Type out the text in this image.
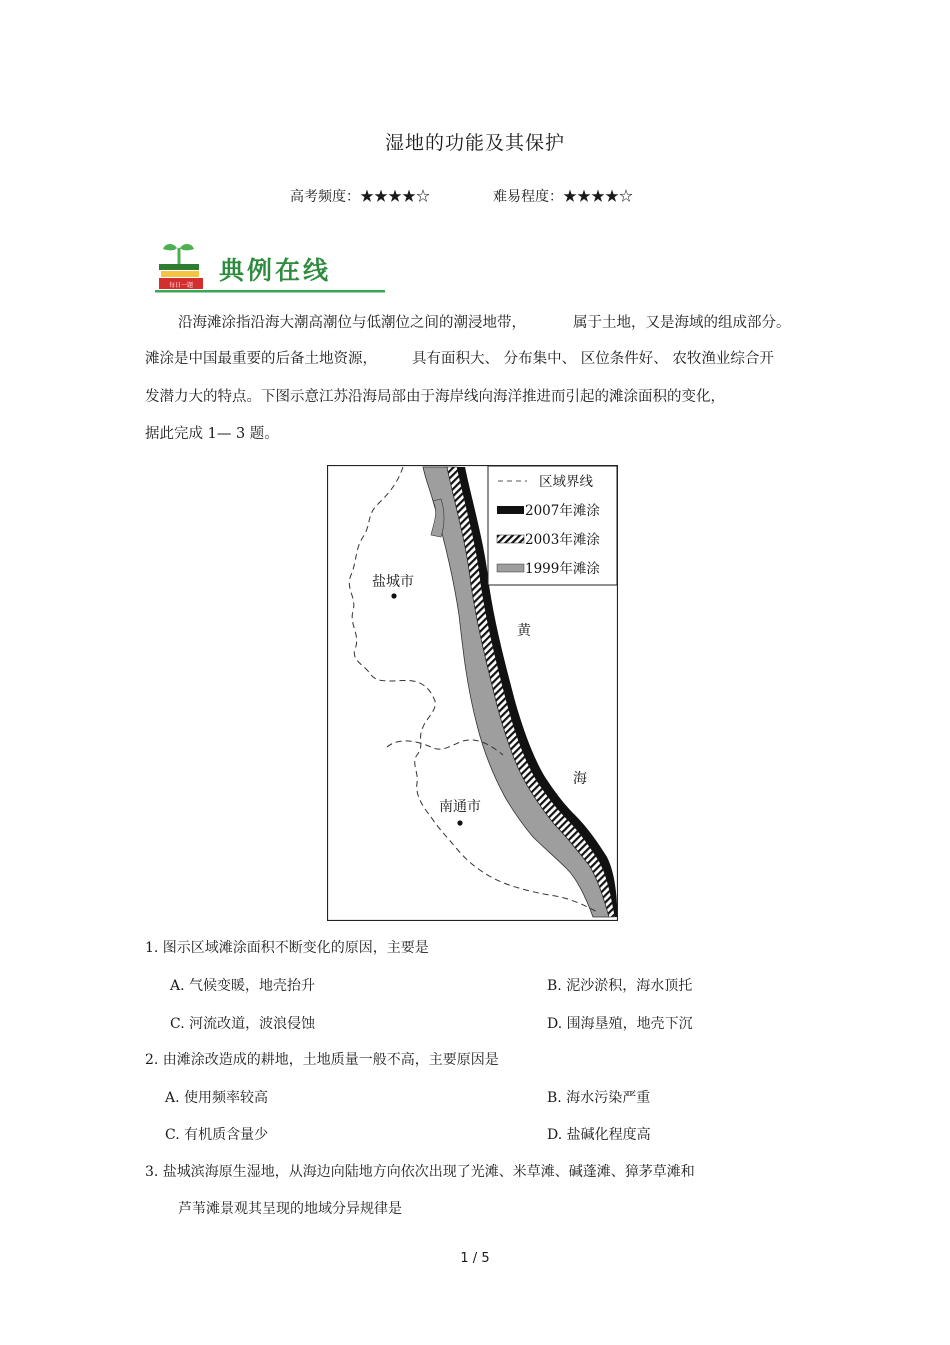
湿地的功能及其保护
高考频度：★★★★☆	难易程度：★★★★☆
每日一题
典例在线
沿海滩涂指沿海大潮高潮位与低潮位之间的潮浸地带，	属于土地，又是海域的组成部分。
滩涂是中国最重要的后备土地资源， 具有面积大、 分布集中、 区位条件好、 农牧渔业综合开
发潜力大的特点。下图示意江苏沿海局部由于海岸线向海洋推进而引起的滩涂面积的变化，
据此完成 1— 3 题。
区域界线
2007年滩涂
2003年滩涂
1999年滩涂
盐城市
南通市
黄
海
1. 图示区域滩涂面积不断变化的原因，主要是
A. 气候变暖，地壳抬升	B. 泥沙淤积，海水顶托
C. 河流改道，波浪侵蚀	D. 围海垦殖，地壳下沉
2. 由滩涂改造成的耕地，土地质量一般不高，主要原因是
A. 使用频率较高	B. 海水污染严重
C. 有机质含量少	D. 盐碱化程度高
3. 盐城滨海原生湿地，从海边向陆地方向依次出现了光滩、米草滩、碱蓬滩、獐茅草滩和
芦苇滩景观其呈现的地域分异规律是
1 / 5
